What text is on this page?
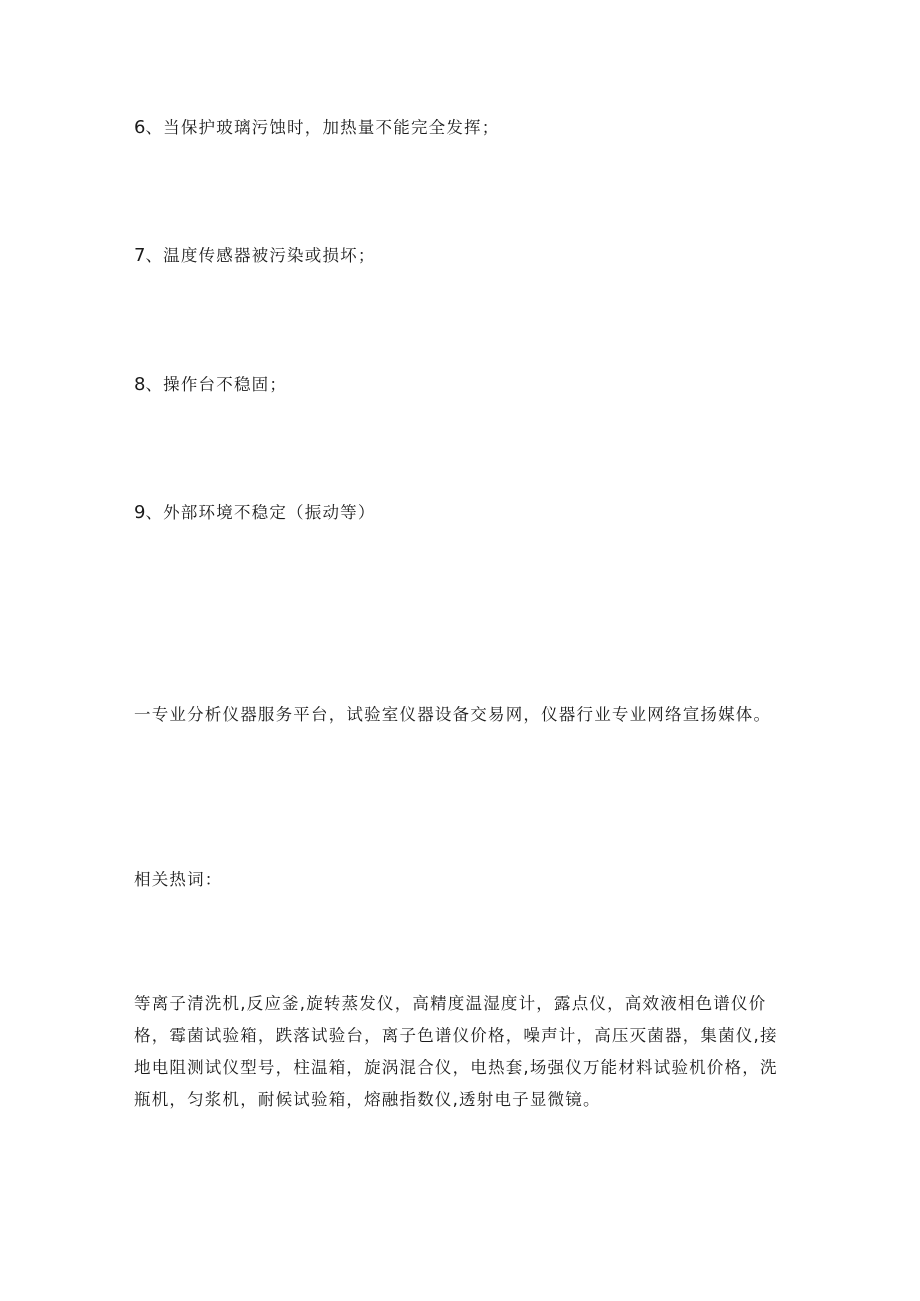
6、当保护玻璃污蚀时，加热量不能完全发挥；
7、温度传感器被污染或损坏；
8、操作台不稳固；
9、外部环境不稳定（振动等）
一专业分析仪器服务平台，试验室仪器设备交易网，仪器行业专业网络宣扬媒体。
相关热词：
等离子清洗机,反应釜,旋转蒸发仪，高精度温湿度计，露点仪，高效液相色谱仪价格，霉菌试验箱，跌落试验台，离子色谱仪价格，噪声计，高压灭菌器，集菌仪,接地电阻测试仪型号，柱温箱，旋涡混合仪，电热套,场强仪万能材料试验机价格，洗瓶机，匀浆机，耐候试验箱，熔融指数仪,透射电子显微镜。
